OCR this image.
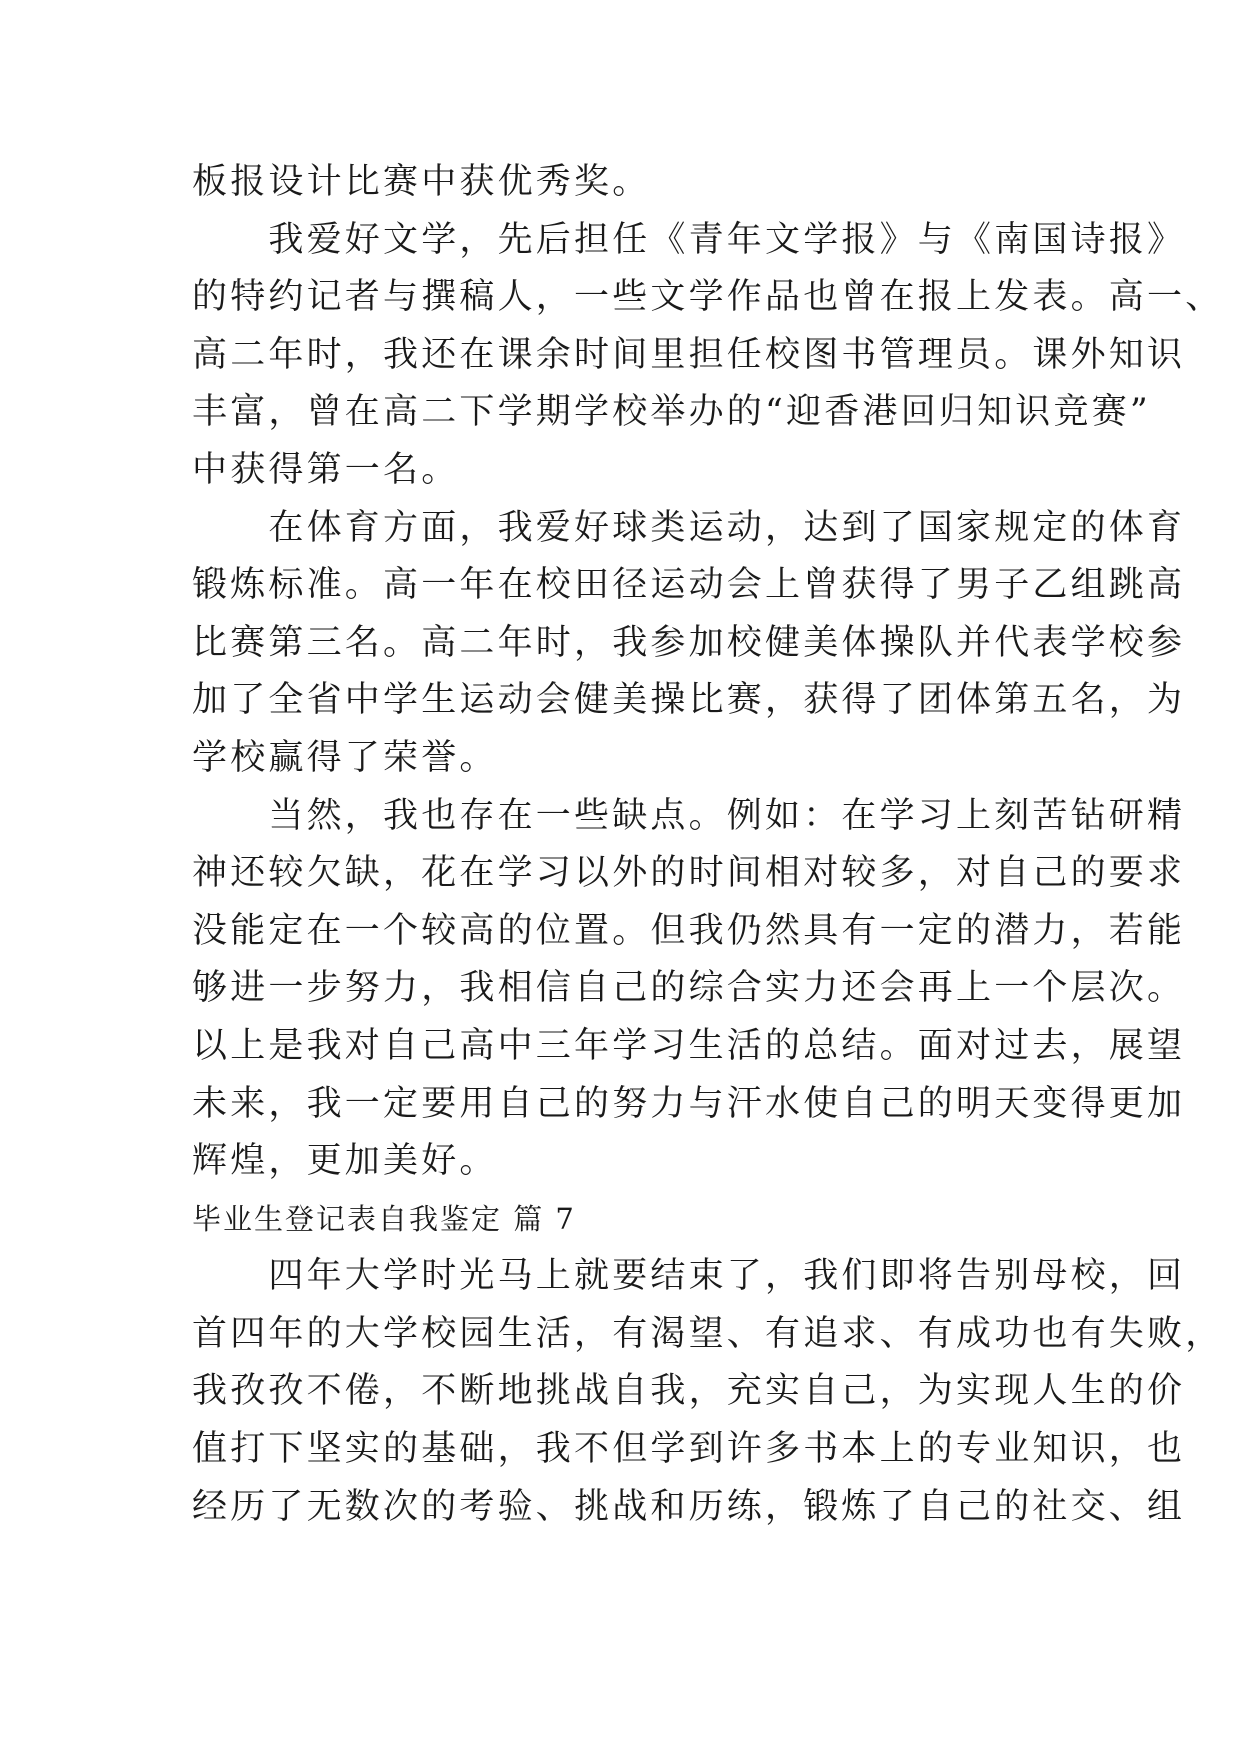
板报设计比赛中获优秀奖。
　　我爱好文学，先后担任《青年文学报》与《南国诗报》
的特约记者与撰稿人，一些文学作品也曾在报上发表。高一、
高二年时，我还在课余时间里担任校图书管理员。课外知识
丰富，曾在高二下学期学校举办的“迎香港回归知识竞赛”
中获得第一名。
　　在体育方面，我爱好球类运动，达到了国家规定的体育
锻炼标准。高一年在校田径运动会上曾获得了男子乙组跳高
比赛第三名。高二年时，我参加校健美体操队并代表学校参
加了全省中学生运动会健美操比赛，获得了团体第五名，为
学校赢得了荣誉。
　　当然，我也存在一些缺点。例如：在学习上刻苦钻研精
神还较欠缺，花在学习以外的时间相对较多，对自己的要求
没能定在一个较高的位置。但我仍然具有一定的潜力，若能
够进一步努力，我相信自己的综合实力还会再上一个层次。
以上是我对自己高中三年学习生活的总结。面对过去，展望
未来，我一定要用自己的努力与汗水使自己的明天变得更加
辉煌，更加美好。
毕业生登记表自我鉴定 篇 7
　　四年大学时光马上就要结束了，我们即将告别母校，回
首四年的大学校园生活，有渴望、有追求、有成功也有失败，
我孜孜不倦，不断地挑战自我，充实自己，为实现人生的价
值打下坚实的基础，我不但学到许多书本上的专业知识，也
经历了无数次的考验、挑战和历练，锻炼了自己的社交、组
